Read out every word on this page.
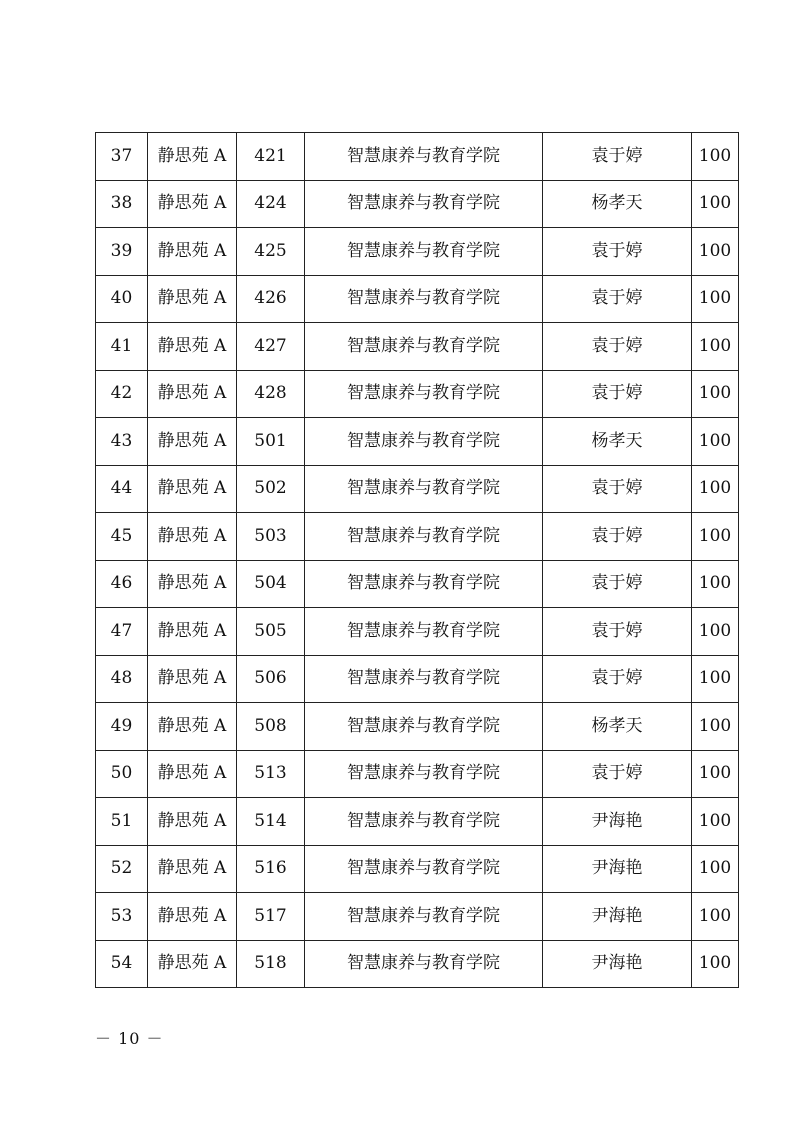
37	静思苑 A	421	智慧康养与教育学院	袁于婷	100
38	静思苑 A	424	智慧康养与教育学院	杨孝天	100
39	静思苑 A	425	智慧康养与教育学院	袁于婷	100
40	静思苑 A	426	智慧康养与教育学院	袁于婷	100
41	静思苑 A	427	智慧康养与教育学院	袁于婷	100
42	静思苑 A	428	智慧康养与教育学院	袁于婷	100
43	静思苑 A	501	智慧康养与教育学院	杨孝天	100
44	静思苑 A	502	智慧康养与教育学院	袁于婷	100
45	静思苑 A	503	智慧康养与教育学院	袁于婷	100
46	静思苑 A	504	智慧康养与教育学院	袁于婷	100
47	静思苑 A	505	智慧康养与教育学院	袁于婷	100
48	静思苑 A	506	智慧康养与教育学院	袁于婷	100
49	静思苑 A	508	智慧康养与教育学院	杨孝天	100
50	静思苑 A	513	智慧康养与教育学院	袁于婷	100
51	静思苑 A	514	智慧康养与教育学院	尹海艳	100
52	静思苑 A	516	智慧康养与教育学院	尹海艳	100
53	静思苑 A	517	智慧康养与教育学院	尹海艳	100
54	静思苑 A	518	智慧康养与教育学院	尹海艳	100
－ 10 －
